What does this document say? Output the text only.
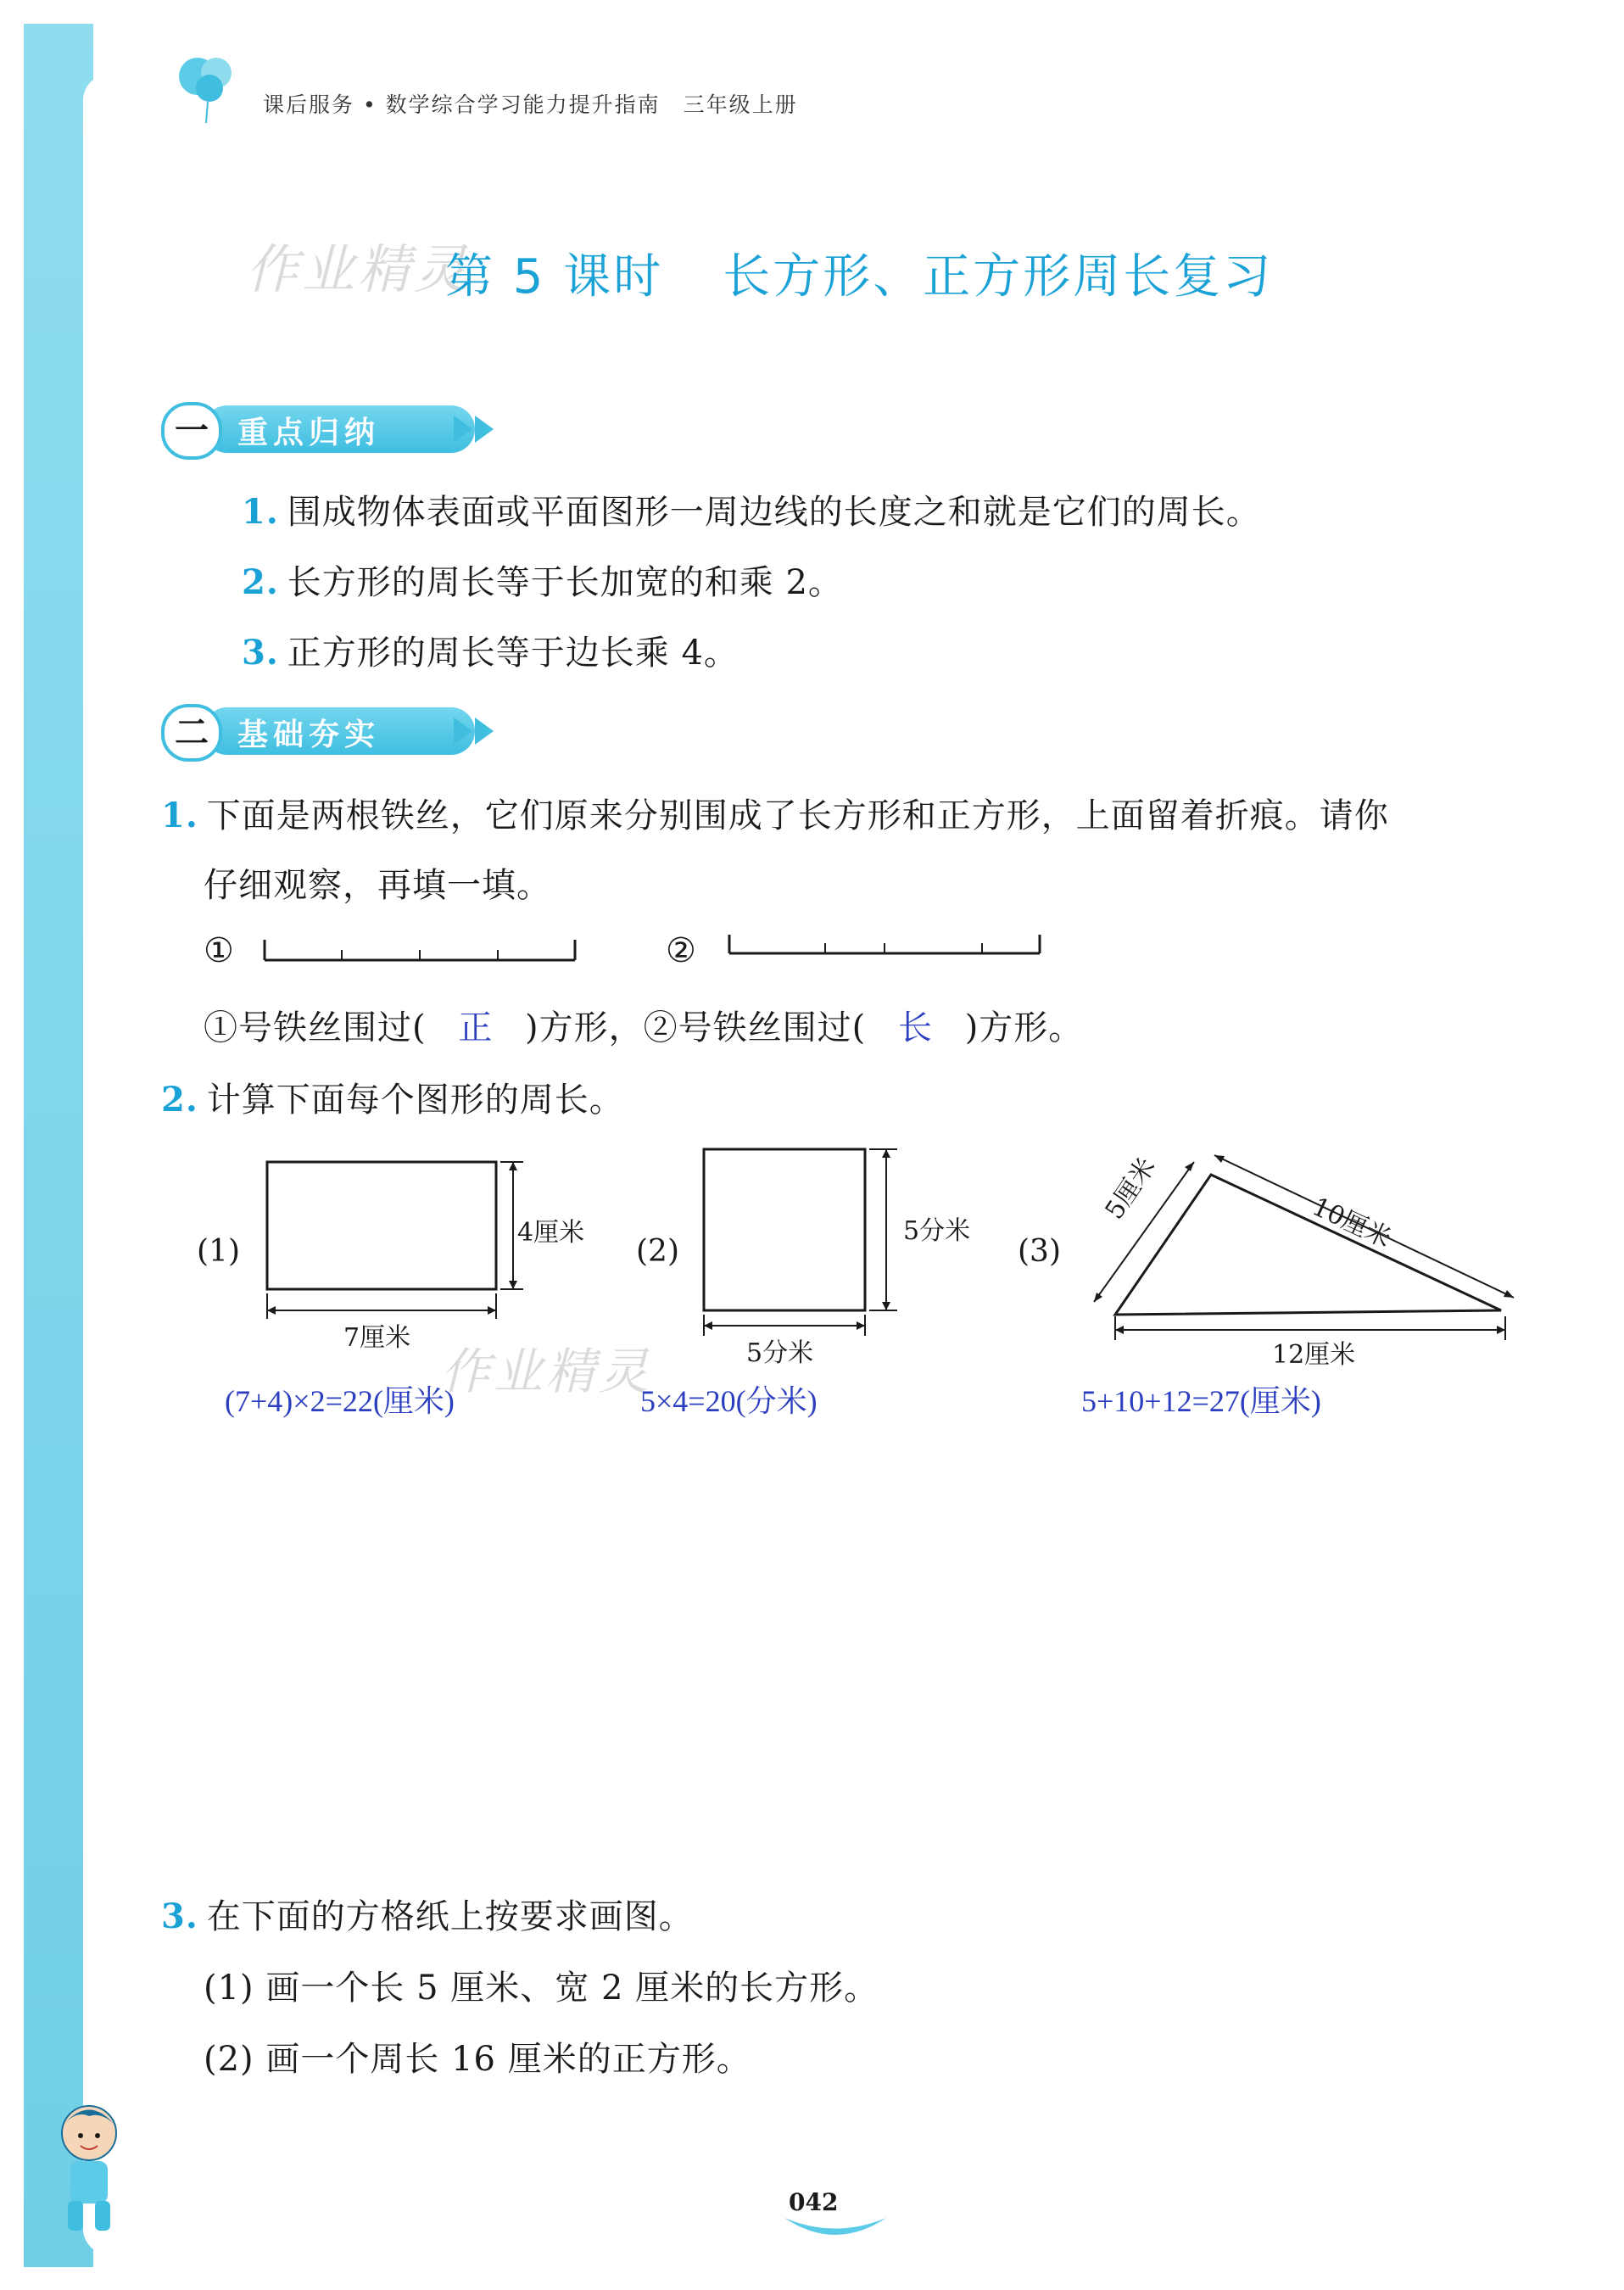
课后服务 • 数学综合学习能力提升指南　三年级上册
作业精灵
第 5 课时 长方形、正方形周长复习
一 重点归纳
1. 围成物体表面或平面图形一周边线的长度之和就是它们的周长。
2. 长方形的周长等于长加宽的和乘 2。
3. 正方形的周长等于边长乘 4。
二 基础夯实
1. 下面是两根铁丝，它们原来分别围成了长方形和正方形，上面留着折痕。请你
仔细观察，再填一填。
①	②
①号铁丝围过( 正 )方形，②号铁丝围过( 长 )方形。
2. 计算下面每个图形的周长。
(1)
4厘米
7厘米
(7+4)×2=22(厘米)
作业精灵
(2)
5分米
5分米
5×4=20(分米)
(3)
5厘米	10厘米
12厘米
5+10+12=27(厘米)
3. 在下面的方格纸上按要求画图。
(1) 画一个长 5 厘米、宽 2 厘米的长方形。
(2) 画一个周长 16 厘米的正方形。
042
